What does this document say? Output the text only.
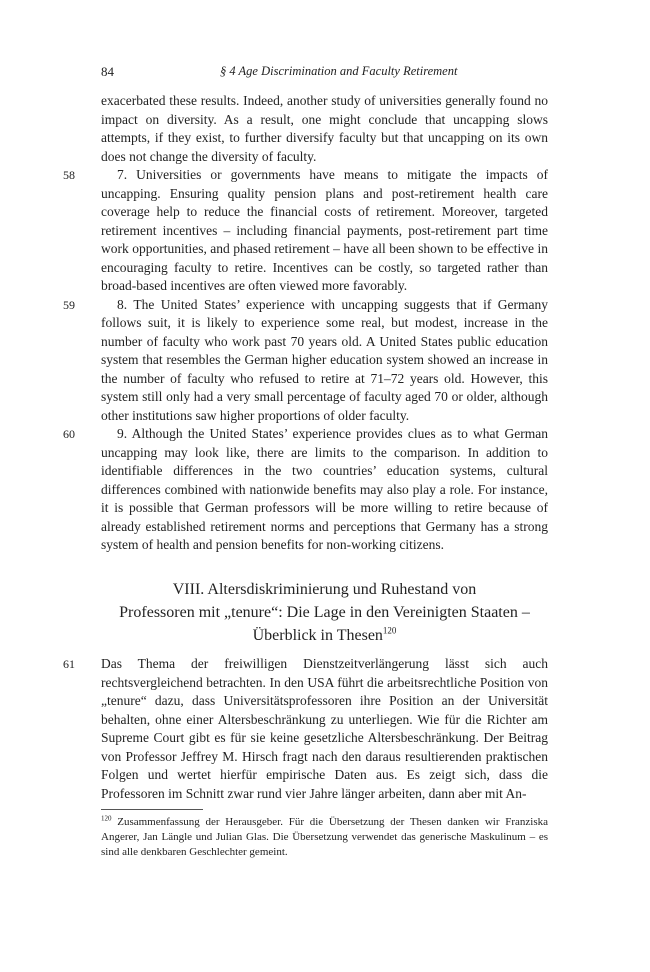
84	§ 4 Age Discrimination and Faculty Retirement

exacerbated these results. Indeed, another study of universities generally found no impact on diversity. As a result, one might conclude that uncapping slows attempts, if they exist, to further diversify faculty but that uncapping on its own does not change the diversity of faculty.

58	7. Universities or governments have means to mitigate the impacts of uncapping. Ensuring quality pension plans and post-retirement health care coverage help to reduce the financial costs of retirement. Moreover, targeted retirement incentives – including financial payments, post-retirement part time work opportunities, and phased retirement – have all been shown to be effective in encouraging faculty to retire. Incentives can be costly, so targeted rather than broad-based incentives are often viewed more favorably.

59	8. The United States’ experience with uncapping suggests that if Germany follows suit, it is likely to experience some real, but modest, increase in the number of faculty who work past 70 years old. A United States public education system that resembles the German higher education system showed an increase in the number of faculty who refused to retire at 71–72 years old. However, this system still only had a very small percentage of faculty aged 70 or older, although other institutions saw higher proportions of older faculty.

60	9. Although the United States’ experience provides clues as to what German uncapping may look like, there are limits to the comparison. In addition to identifiable differences in the two countries’ education systems, cultural differences combined with nationwide benefits may also play a role. For instance, it is possible that German professors will be more willing to retire because of already established retirement norms and perceptions that Germany has a strong system of health and pension benefits for non-working citizens.

VIII. Altersdiskriminierung und Ruhestand von
Professoren mit „tenure“: Die Lage in den Vereinigten Staaten –
Überblick in Thesen$^{120}$

61 Das Thema der freiwilligen Dienstzeitverlängerung lässt sich auch rechtsvergleichend betrachten. In den USA führt die arbeitsrechtliche Position von „tenure“ dazu, dass Universitätsprofessoren ihre Position an der Universität behalten, ohne einer Altersbeschränkung zu unterliegen. Wie für die Richter am Supreme Court gibt es für sie keine gesetzliche Altersbeschränkung. Der Beitrag von Professor Jeffrey M. Hirsch fragt nach den daraus resultierenden praktischen Folgen und wertet hierfür empirische Daten aus. Es zeigt sich, dass die Professoren im Schnitt zwar rund vier Jahre länger arbeiten, dann aber mit An-

$^{120}$ Zusammenfassung der Herausgeber. Für die Übersetzung der Thesen danken wir Franziska Angerer, Jan Längle und Julian Glas. Die Übersetzung verwendet das generische Maskulinum – es sind alle denkbaren Geschlechter gemeint.
